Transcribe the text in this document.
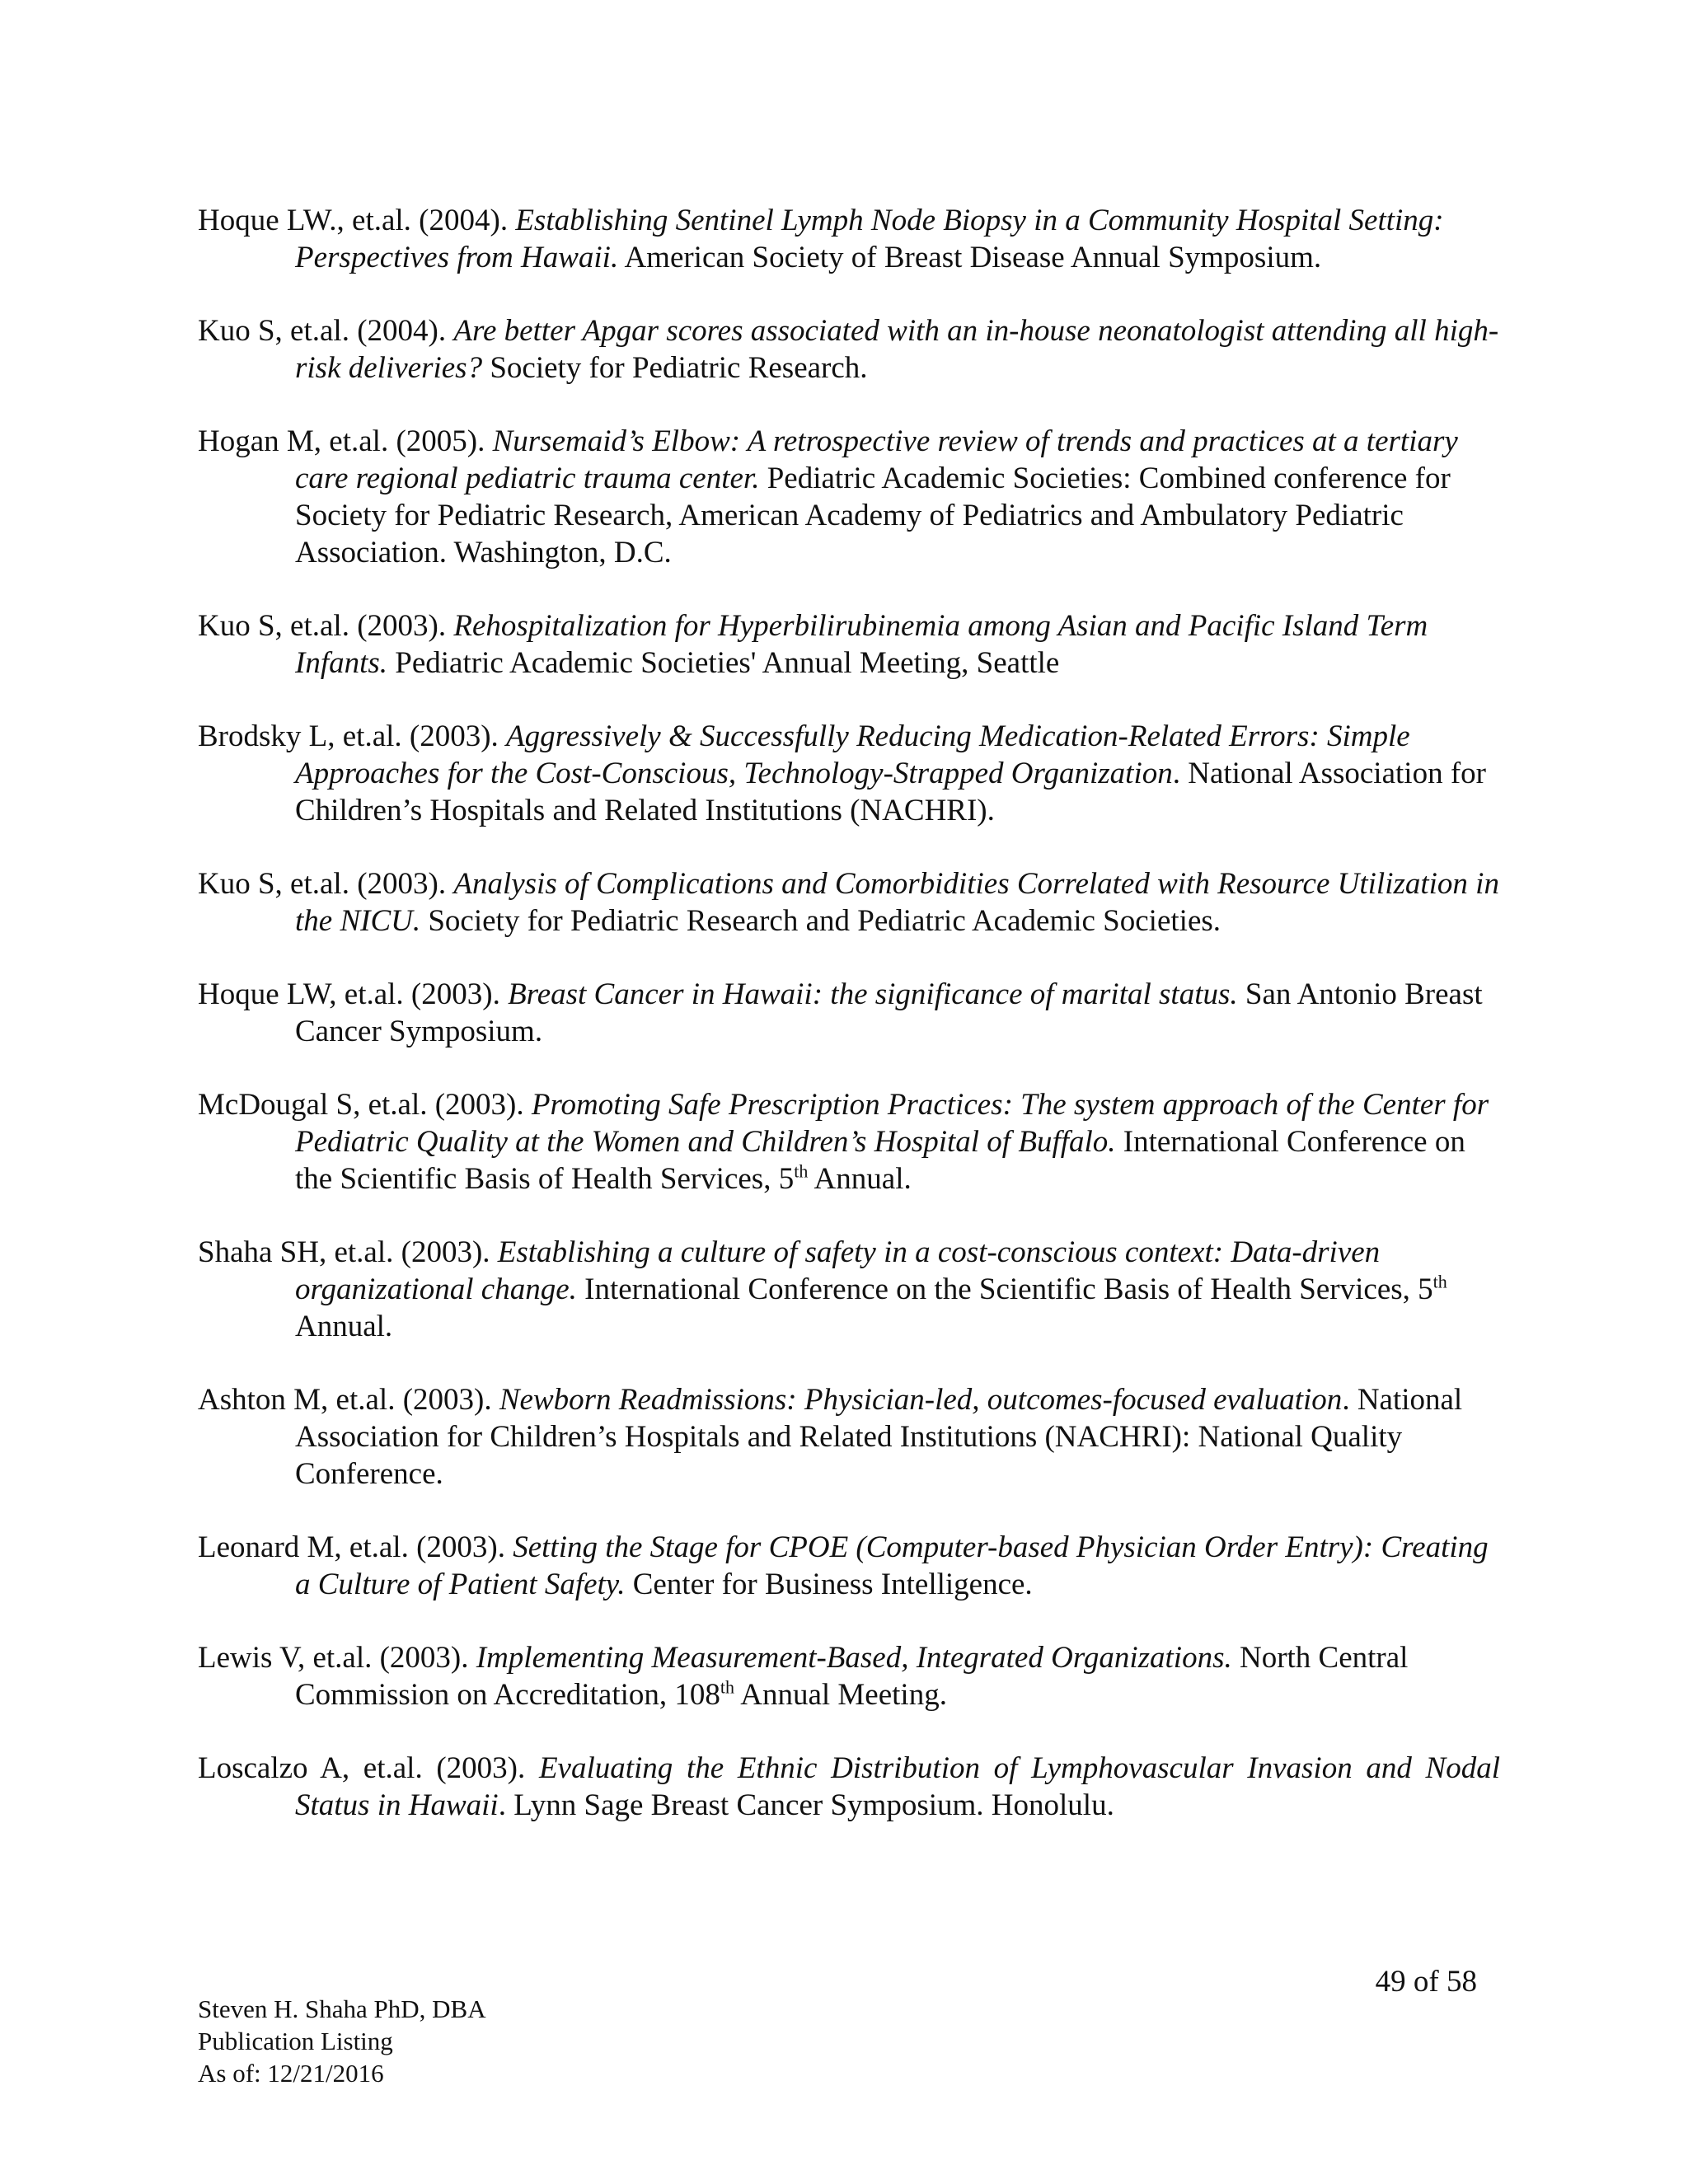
Hoque LW., et.al. (2004). Establishing Sentinel Lymph Node Biopsy in a Community Hospital Setting: Perspectives from Hawaii. American Society of Breast Disease Annual Symposium.
Kuo S, et.al. (2004). Are better Apgar scores associated with an in-house neonatologist attending all high-risk deliveries? Society for Pediatric Research.
Hogan M, et.al. (2005). Nursemaid’s Elbow: A retrospective review of trends and practices at a tertiary care regional pediatric trauma center. Pediatric Academic Societies: Combined conference for Society for Pediatric Research, American Academy of Pediatrics and Ambulatory Pediatric Association. Washington, D.C.
Kuo S, et.al. (2003). Rehospitalization for Hyperbilirubinemia among Asian and Pacific Island Term Infants. Pediatric Academic Societies' Annual Meeting, Seattle
Brodsky L, et.al. (2003). Aggressively & Successfully Reducing Medication-Related Errors: Simple Approaches for the Cost-Conscious, Technology-Strapped Organization. National Association for Children’s Hospitals and Related Institutions (NACHRI).
Kuo S, et.al. (2003). Analysis of Complications and Comorbidities Correlated with Resource Utilization in the NICU. Society for Pediatric Research and Pediatric Academic Societies.
Hoque LW, et.al. (2003). Breast Cancer in Hawaii: the significance of marital status. San Antonio Breast Cancer Symposium.
McDougal S, et.al. (2003). Promoting Safe Prescription Practices: The system approach of the Center for Pediatric Quality at the Women and Children’s Hospital of Buffalo. International Conference on the Scientific Basis of Health Services, 5th Annual.
Shaha SH, et.al. (2003). Establishing a culture of safety in a cost-conscious context: Data-driven organizational change. International Conference on the Scientific Basis of Health Services, 5th Annual.
Ashton M, et.al. (2003). Newborn Readmissions: Physician-led, outcomes-focused evaluation. National Association for Children’s Hospitals and Related Institutions (NACHRI): National Quality Conference.
Leonard M, et.al. (2003). Setting the Stage for CPOE (Computer-based Physician Order Entry): Creating a Culture of Patient Safety. Center for Business Intelligence.
Lewis V, et.al. (2003). Implementing Measurement-Based, Integrated Organizations. North Central Commission on Accreditation, 108th Annual Meeting.
Loscalzo A, et.al. (2003). Evaluating the Ethnic Distribution of Lymphovascular Invasion and Nodal Status in Hawaii. Lynn Sage Breast Cancer Symposium. Honolulu.
49 of 58
Steven H. Shaha PhD, DBA
Publication Listing
As of: 12/21/2016
